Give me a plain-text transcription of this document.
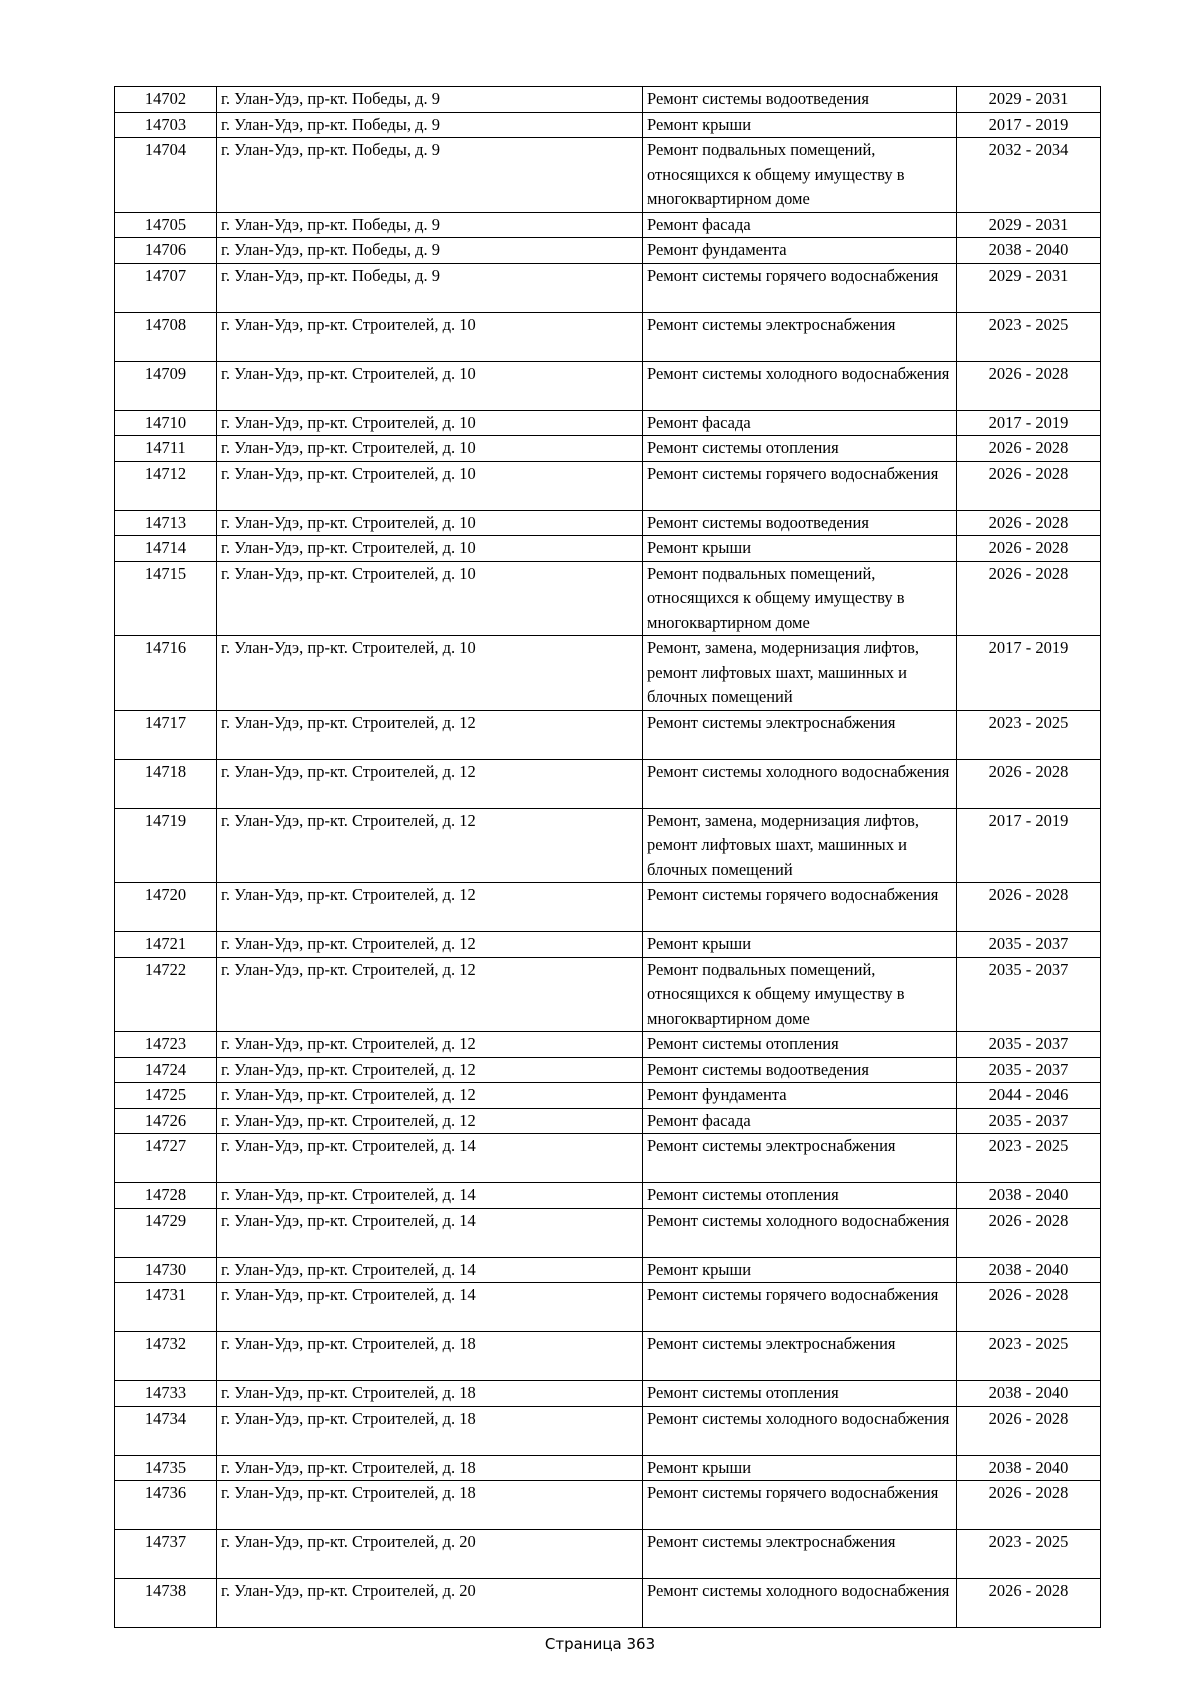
14702	г. Улан-Удэ, пр-кт. Победы, д. 9	Ремонт системы водоотведения	2029 - 2031
14703	г. Улан-Удэ, пр-кт. Победы, д. 9	Ремонт крыши	2017 - 2019
14704	г. Улан-Удэ, пр-кт. Победы, д. 9	Ремонт подвальных помещений, относящихся к общему имуществу в многоквартирном доме	2032 - 2034
14705	г. Улан-Удэ, пр-кт. Победы, д. 9	Ремонт фасада	2029 - 2031
14706	г. Улан-Удэ, пр-кт. Победы, д. 9	Ремонт фундамента	2038 - 2040
14707	г. Улан-Удэ, пр-кт. Победы, д. 9	Ремонт системы горячего водоснабжения	2029 - 2031
14708	г. Улан-Удэ, пр-кт. Строителей, д. 10	Ремонт системы электроснабжения	2023 - 2025
14709	г. Улан-Удэ, пр-кт. Строителей, д. 10	Ремонт системы холодного водоснабжения	2026 - 2028
14710	г. Улан-Удэ, пр-кт. Строителей, д. 10	Ремонт фасада	2017 - 2019
14711	г. Улан-Удэ, пр-кт. Строителей, д. 10	Ремонт системы отопления	2026 - 2028
14712	г. Улан-Удэ, пр-кт. Строителей, д. 10	Ремонт системы горячего водоснабжения	2026 - 2028
14713	г. Улан-Удэ, пр-кт. Строителей, д. 10	Ремонт системы водоотведения	2026 - 2028
14714	г. Улан-Удэ, пр-кт. Строителей, д. 10	Ремонт крыши	2026 - 2028
14715	г. Улан-Удэ, пр-кт. Строителей, д. 10	Ремонт подвальных помещений, относящихся к общему имуществу в многоквартирном доме	2026 - 2028
14716	г. Улан-Удэ, пр-кт. Строителей, д. 10	Ремонт, замена, модернизация лифтов, ремонт лифтовых шахт, машинных и блочных помещений	2017 - 2019
14717	г. Улан-Удэ, пр-кт. Строителей, д. 12	Ремонт системы электроснабжения	2023 - 2025
14718	г. Улан-Удэ, пр-кт. Строителей, д. 12	Ремонт системы холодного водоснабжения	2026 - 2028
14719	г. Улан-Удэ, пр-кт. Строителей, д. 12	Ремонт, замена, модернизация лифтов, ремонт лифтовых шахт, машинных и блочных помещений	2017 - 2019
14720	г. Улан-Удэ, пр-кт. Строителей, д. 12	Ремонт системы горячего водоснабжения	2026 - 2028
14721	г. Улан-Удэ, пр-кт. Строителей, д. 12	Ремонт крыши	2035 - 2037
14722	г. Улан-Удэ, пр-кт. Строителей, д. 12	Ремонт подвальных помещений, относящихся к общему имуществу в многоквартирном доме	2035 - 2037
14723	г. Улан-Удэ, пр-кт. Строителей, д. 12	Ремонт системы отопления	2035 - 2037
14724	г. Улан-Удэ, пр-кт. Строителей, д. 12	Ремонт системы водоотведения	2035 - 2037
14725	г. Улан-Удэ, пр-кт. Строителей, д. 12	Ремонт фундамента	2044 - 2046
14726	г. Улан-Удэ, пр-кт. Строителей, д. 12	Ремонт фасада	2035 - 2037
14727	г. Улан-Удэ, пр-кт. Строителей, д. 14	Ремонт системы электроснабжения	2023 - 2025
14728	г. Улан-Удэ, пр-кт. Строителей, д. 14	Ремонт системы отопления	2038 - 2040
14729	г. Улан-Удэ, пр-кт. Строителей, д. 14	Ремонт системы холодного водоснабжения	2026 - 2028
14730	г. Улан-Удэ, пр-кт. Строителей, д. 14	Ремонт крыши	2038 - 2040
14731	г. Улан-Удэ, пр-кт. Строителей, д. 14	Ремонт системы горячего водоснабжения	2026 - 2028
14732	г. Улан-Удэ, пр-кт. Строителей, д. 18	Ремонт системы электроснабжения	2023 - 2025
14733	г. Улан-Удэ, пр-кт. Строителей, д. 18	Ремонт системы отопления	2038 - 2040
14734	г. Улан-Удэ, пр-кт. Строителей, д. 18	Ремонт системы холодного водоснабжения	2026 - 2028
14735	г. Улан-Удэ, пр-кт. Строителей, д. 18	Ремонт крыши	2038 - 2040
14736	г. Улан-Удэ, пр-кт. Строителей, д. 18	Ремонт системы горячего водоснабжения	2026 - 2028
14737	г. Улан-Удэ, пр-кт. Строителей, д. 20	Ремонт системы электроснабжения	2023 - 2025
14738	г. Улан-Удэ, пр-кт. Строителей, д. 20	Ремонт системы холодного водоснабжения	2026 - 2028
Страница 363
